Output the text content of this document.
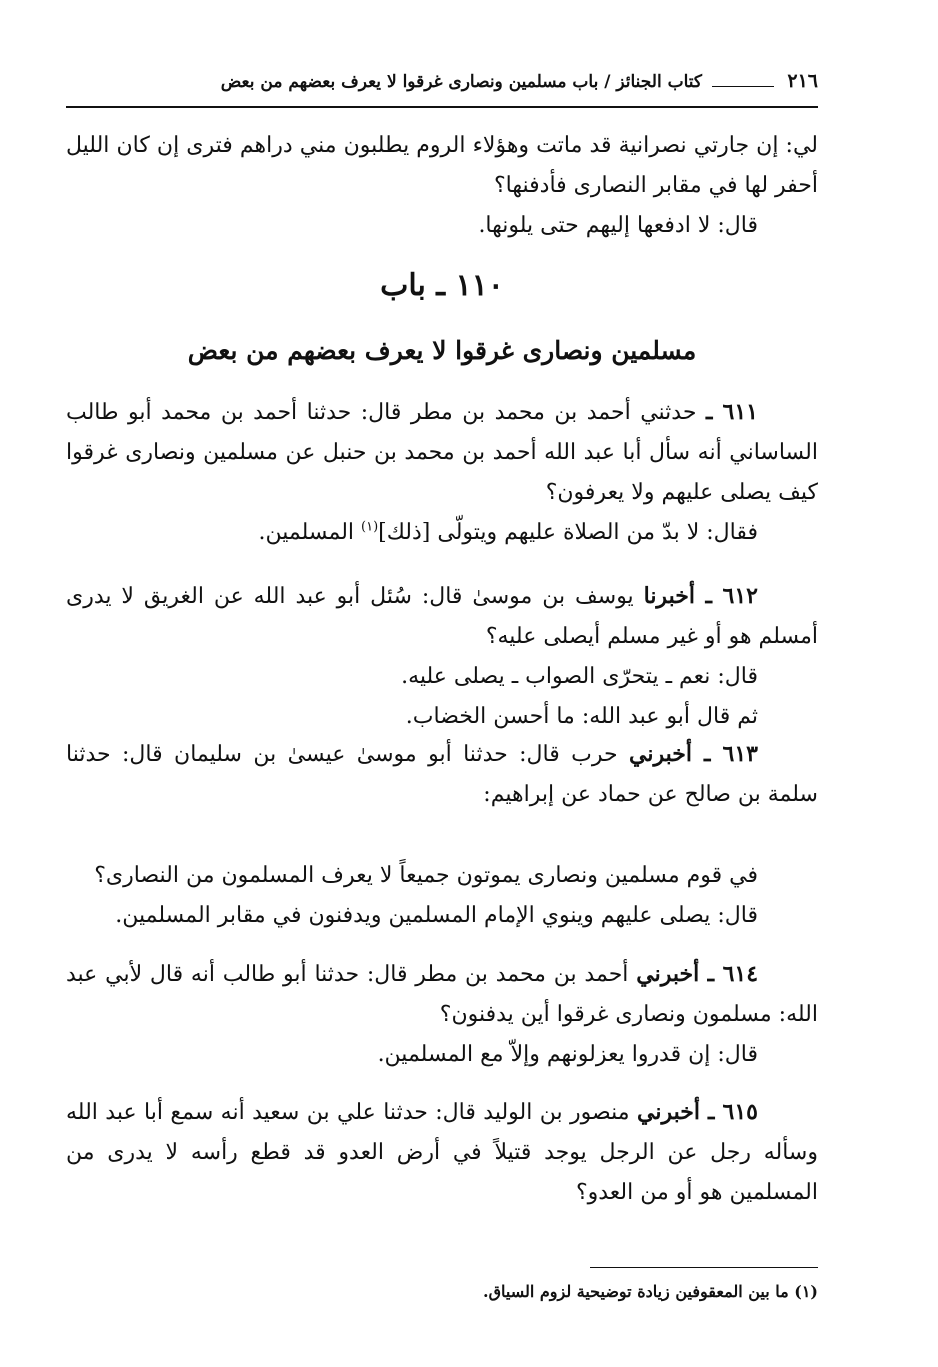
٢١٦
كتاب الجنائز / باب مسلمين ونصارى غرقوا لا يعرف بعضهم من بعض

لي: إن جارتي نصرانية قد ماتت وهؤلاء الروم يطلبون مني دراهم فترى إن كان الليل أحفر لها في مقابر النصارى فأدفنها؟

قال: لا ادفعها إليهم حتى يلونها.

١١٠ ـ باب
مسلمين ونصارى غرقوا لا يعرف بعضهم من بعض

٦١١ ـ حدثني أحمد بن محمد بن مطر قال: حدثنا أحمد بن محمد أبو طالب الساساني أنه سأل أبا عبد الله أحمد بن محمد بن حنبل عن مسلمين ونصارى غرقوا كيف يصلى عليهم ولا يعرفون؟

فقال: لا بدّ من الصلاة عليهم ويتولّى [ذلك]$^{(١)}$ المسلمين.

٦١٢ ـ أخبرنا يوسف بن موسىٰ قال: سُئل أبو عبد الله عن الغريق لا يدرى أمسلم هو أو غير مسلم أيصلى عليه؟

قال: نعم ـ يتحرّى الصواب ـ يصلى عليه.

ثم قال أبو عبد الله: ما أحسن الخضاب.

٦١٣ ـ أخبرني حرب قال: حدثنا أبو موسىٰ عيسىٰ بن سليمان قال: حدثنا سلمة بن صالح عن حماد عن إبراهيم:

في قوم مسلمين ونصارى يموتون جميعاً لا يعرف المسلمون من النصارى؟

قال: يصلى عليهم وينوي الإمام المسلمين ويدفنون في مقابر المسلمين.

٦١٤ ـ أخبرني أحمد بن محمد بن مطر قال: حدثنا أبو طالب أنه قال لأبي عبد الله: مسلمون ونصارى غرقوا أين يدفنون؟

قال: إن قدروا يعزلونهم وإلاّ مع المسلمين.

٦١٥ ـ أخبرني منصور بن الوليد قال: حدثنا علي بن سعيد أنه سمع أبا عبد الله وسأله رجل عن الرجل يوجد قتيلاً في أرض العدو قد قطع رأسه لا يدرى من المسلمين هو أو من العدو؟

(١) ما بين المعقوفين زيادة توضيحية لزوم السياق.
